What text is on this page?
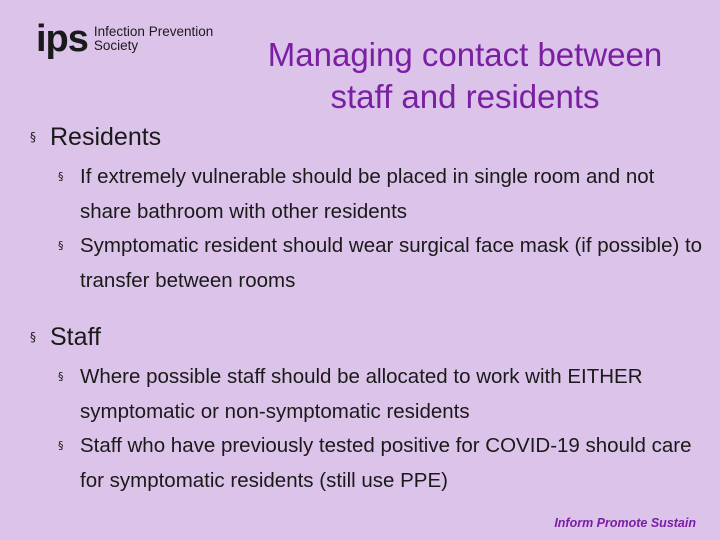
ips Infection Prevention
Society	Managing contact between
staff and residents
§ Residents
§ If extremely vulnerable should be placed in single room and not share bathroom with other residents
§ Symptomatic resident should wear surgical face mask (if possible) to transfer between rooms
§ Staff
§ Where possible staff should be allocated to work with EITHER symptomatic or non-symptomatic residents
§ Staff who have previously tested positive for COVID-19 should care for symptomatic residents (still use PPE)
Inform Promote Sustain
